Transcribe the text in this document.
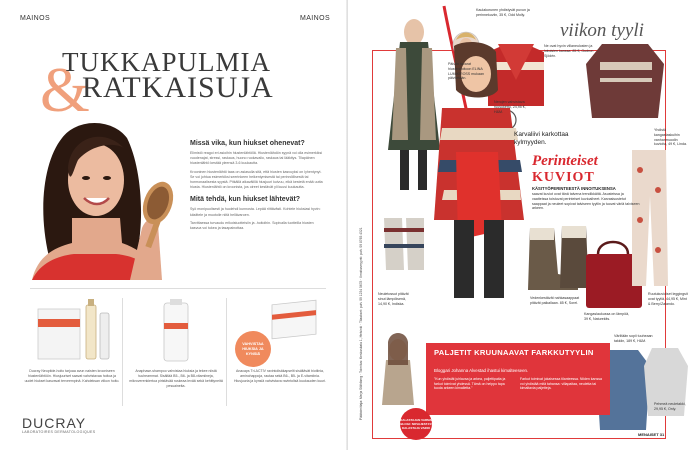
MAINOS
&
TUKKAPULMIA
RATKAISUJA
Missä vika, kun hiukset ohenevat?

Elimistö reagoi eri asioihin hiustenlähtöllä. Hiustenlähdön syynä voi olla esimerkiksi vuodenajat, stressi, raskaus, huono ruokavalio, raskaus tai lääkitys. Tilapäinen hiustenlähtö kestää yleensä 3-6 kuukautta.

Krooninen hiustenlähtö taas on asiasulla sitä, että hiusten kasvuyksi on lyhentynyt. Se voi johtua esimerkiksi seerinkeen heikentymisestä tai perinnöllisestä tai hormonaalisesta syystä. Pitkällä aikavälillä hiusjuuri kuivuu, eikä kestetä enää uutta hiusta. Hiustenlähtö on kroonista, jos oireet kestävät yli kuusi kuukautta.

Mitä tehdä, kun hiukset lähtevät?

Syö monipuolisesti ja huolehdi kunnosta. Lepää riittävästi. Kohtele hiuksiasi hyvin: käsittele ja muotoile niitä hellävaroen.

Tarvittaessa turvaudu erikoistuotteisiin ja -hoitoihin. Sopivalla tuotteilla hiusten kasvua voi tukea ja tasapainottaa.

Ducray Neoptide-hoito tarjoaa avun naisten krooniseen hiustenlähtöön. Hiusjuuriset saavat vahvistavaa hoitoa ja uudet hiukset kasvavat terveempinä. Kahdeksan viikon hoito.
Anaphase-shampoo vahvistaa hiuksia ja tekee niistä tuuheammat. Sisältää B5-, B6- ja B8-vitamiineja, mikroverenkiertoa piristävää ruskeaa levää sekä kehittyneitä pesuaineita.
Anacaps Tri-ACTIV ravintolisäkapselit sisältävät biotiinia, aminohappoja, rautaa sekä B6-, B5- ja E-vitamiinia. Hiusjuuria ja kynsiä vahvistava ravintolisä kuukauden kuuri.
VAHVISTAA HIUKSIA JA KYNSIÄ
DUCRAY
LABORATOIRES DERMATOLOGIQUES
MAINOS
Päätoimittaja: Merja Ståhlberg · Toimitus: Keskuskatu 1, Helsinki · Tilaukset: puh. 09 1234 5678 · Ilmoitusmyynti: puh. 09 8765 4321
viikon tyyli
Kaulakorunen yhdistyvät puvun ja perinnekuviin, 35 €, Odd Molly.
Päivän tavarat hiustenhoitoon ELINA LUMIKIROSS mukaan päivitetään.
Ne ovat hyvin villaneulosten ja lukuisien kanssa. 85 €, Gudrun Sjödén.
Nerojen vahvistava ruusukettu, 24,95 €, H&M.
Yhdistä kangastaskuihin vanhanmuodin kuvioita, 49 €, Linda.
Neuletossut pitävät sinut lämpöisenä, 14,90 €, Indiska.
Vedenkestävät nahkasaappaat pitävät paikallaan. 85 €, Sorel.
Kangaslaukussa on lämpöä, 39 €, Naturekits.
Ruutukuvioiset leggingsit ovat tyyliä, 44,95 €, Mint & Berry/Zalando.
Väriltään sopii tuuheaan takkiin, 189 €, H&M.
Pehmeä neuletakki, 29,95 €, Only.
Karvaliivi karkottaa kylmyyden.
Perinteiset
KUVIOT
KÄSITYÖPERINTEESTÄ INNOITUKSENSA
saavat kuviot ovat tänä talvena trendikkäitä. Asusteissa ja vaatteissa toistuvat perinteiset kuvioaiheet. Karvasisustetut saappaat ja neuleet sopivat talviseen tyyliin ja tuovat väriä talviseen arkeen.
PALJETIT KRUUNAAVAT FARKKUTYYLIN
Bloggari Johanna Alvestad ihastui kimalteeseen.
"Kun yhdistät juhlavaa ja arkea, paljettipaita ja farkut toimivat yhdessä. Tämä on helppo tapa tuoda arkeen kimalletta."
Farkut toimivat jokaisessa tilanteessa. Niiden kanssa voi yhdistää mitä tahansa: villapaitaa, neuletta tai kimaltavia paljetteja.
KALASTAJAN VARMA BLOGI: NOVAJEST.FI/ KALASTAJA VAINO
MENAISET 31
